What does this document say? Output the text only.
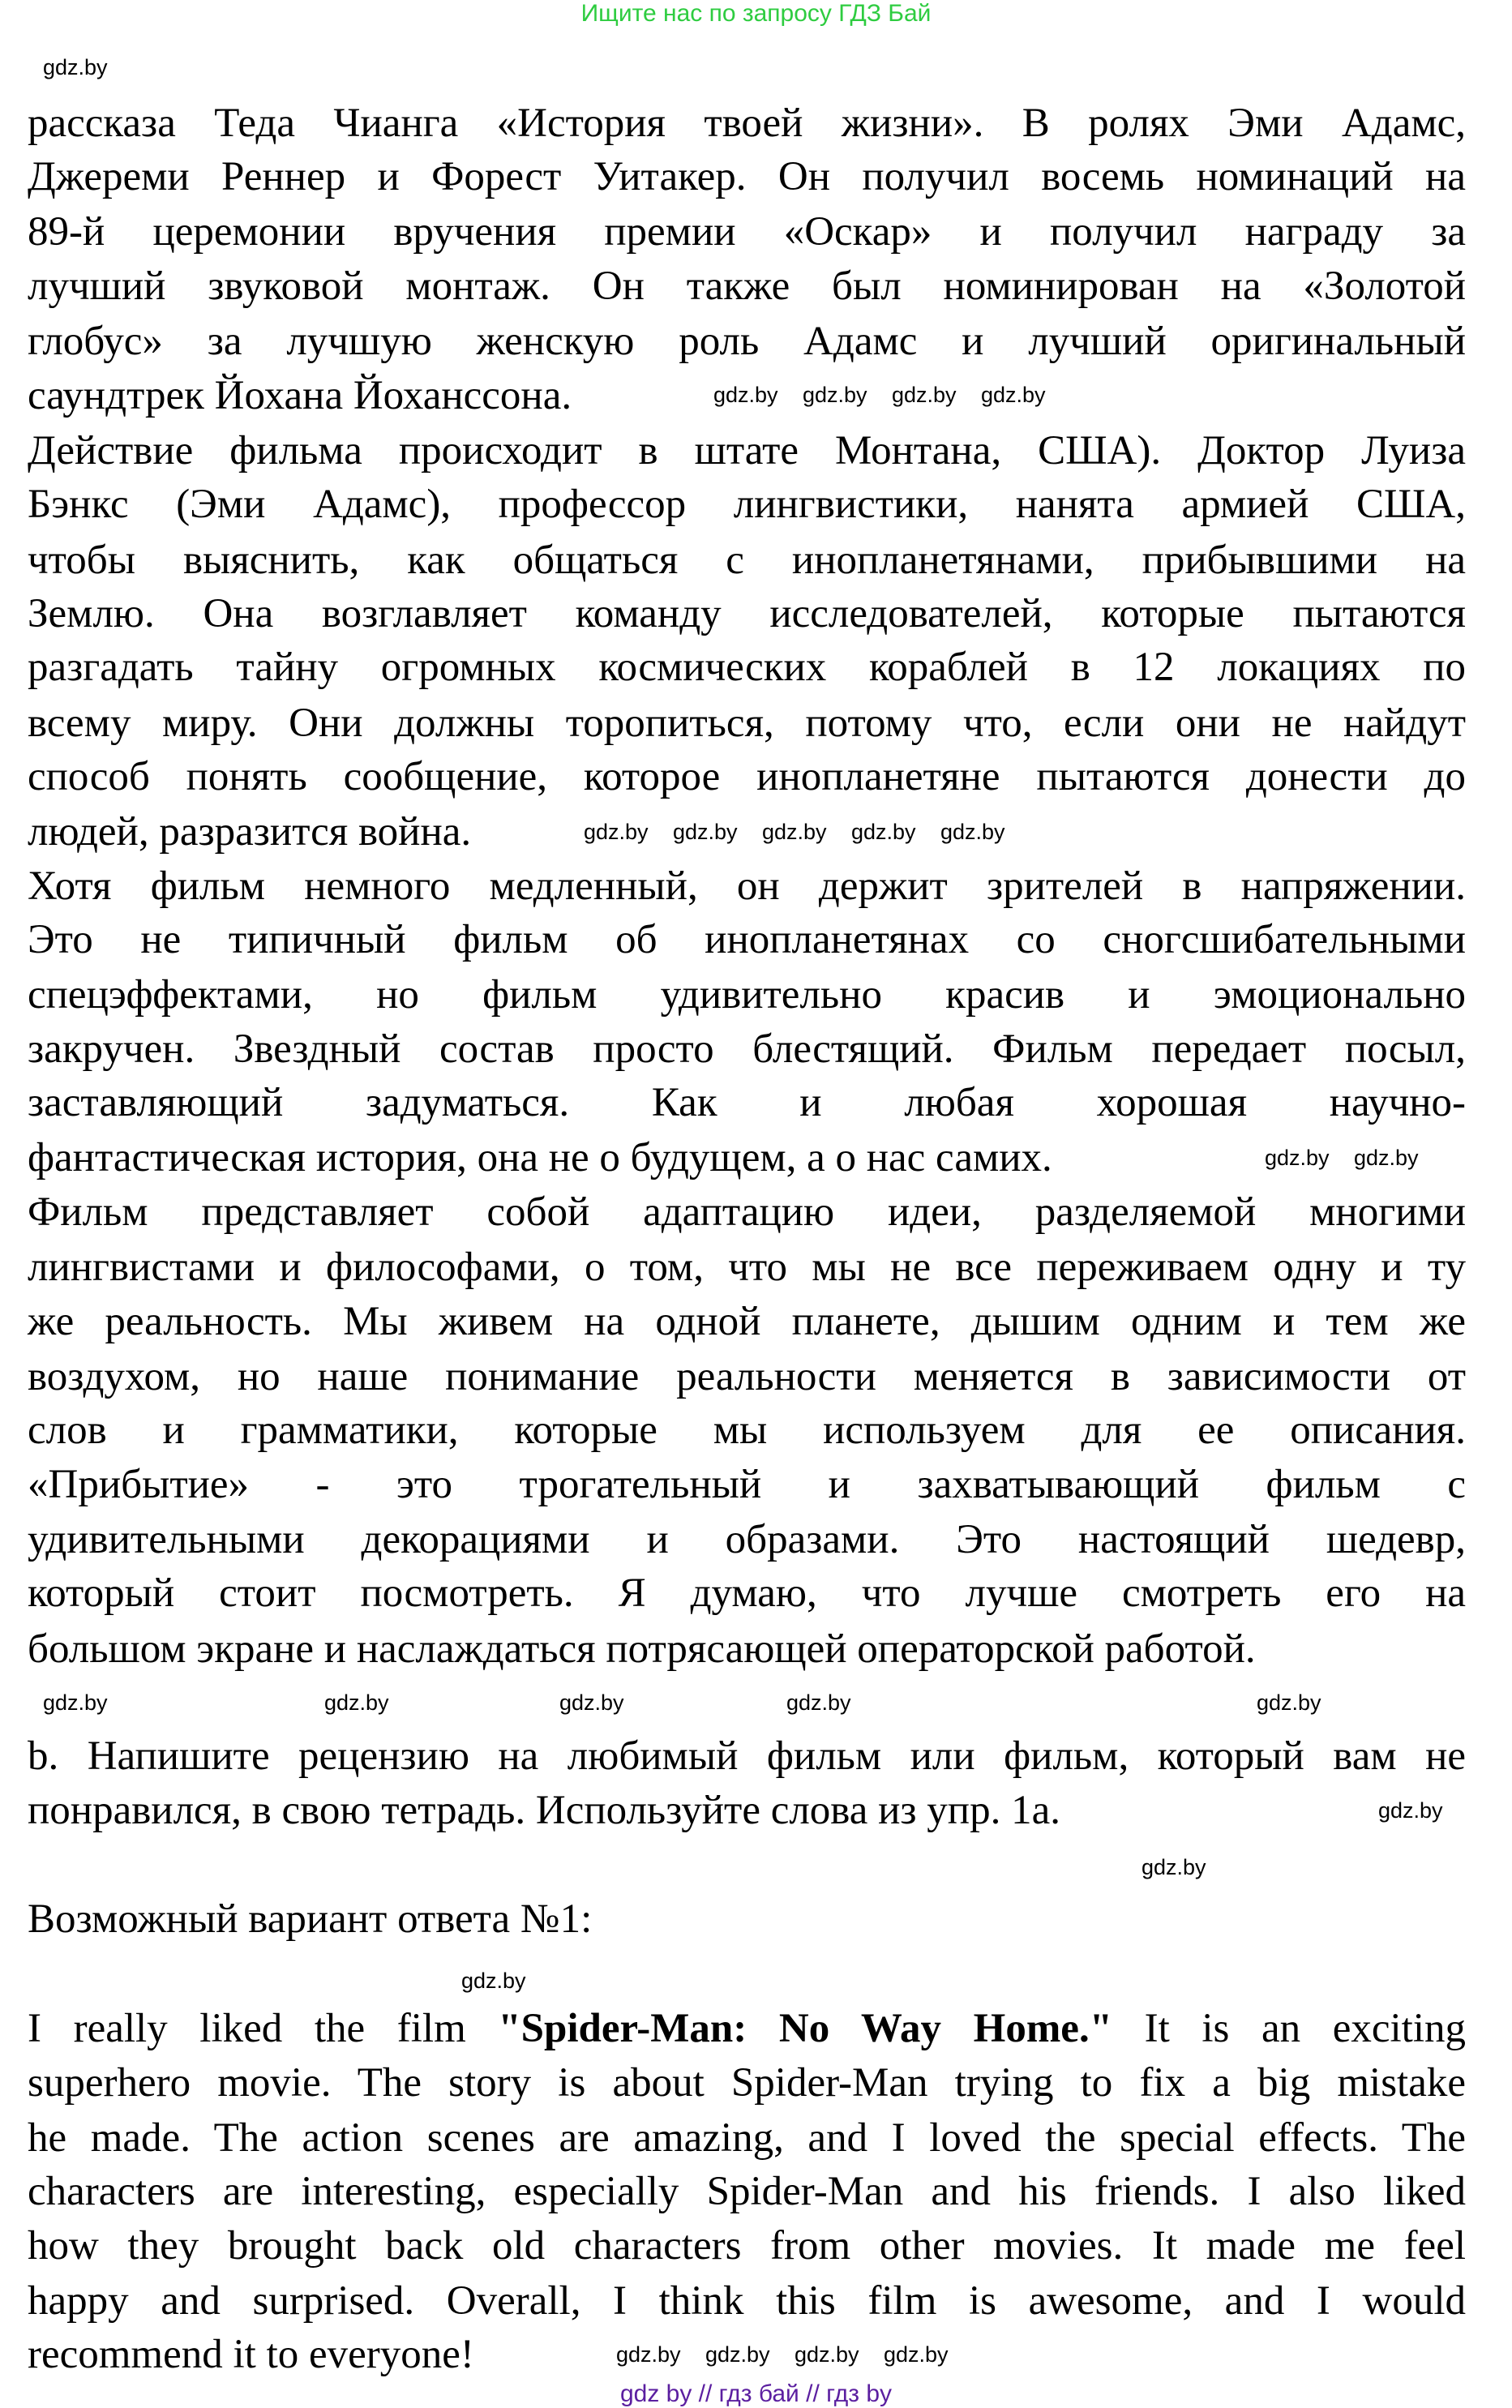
Ищите нас по запросу ГДЗ Бай
рассказа Теда Чианга «История твоей жизни». В ролях Эми Адамс,
Джереми Реннер и Форест Уитакер. Он получил восемь номинаций на
89-й церемонии вручения премии «Оскар» и получил награду за
лучший звуковой монтаж. Он также был номинирован на «Золотой
глобус» за лучшую женскую роль Адамс и лучший оригинальный
саундтрек Йохана Йоханссона.
Действие фильма происходит в штате Монтана, США). Доктор Луиза
Бэнкс (Эми Адамс), профессор лингвистики, нанята армией США,
чтобы выяснить, как общаться с инопланетянами, прибывшими на
Землю. Она возглавляет команду исследователей, которые пытаются
разгадать тайну огромных космических кораблей в 12 локациях по
всему миру. Они должны торопиться, потому что, если они не найдут
способ понять сообщение, которое инопланетяне пытаются донести до
людей, разразится война.
Хотя фильм немного медленный, он держит зрителей в напряжении.
Это не типичный фильм об инопланетянах со сногсшибательными
спецэффектами, но фильм удивительно красив и эмоционально
закручен. Звездный состав просто блестящий. Фильм передает посыл,
заставляющий задуматься. Как и любая хорошая научно-
фантастическая история, она не о будущем, а о нас самих.
Фильм представляет собой адаптацию идеи, разделяемой многими
лингвистами и философами, о том, что мы не все переживаем одну и ту
же реальность. Мы живем на одной планете, дышим одним и тем же
воздухом, но наше понимание реальности меняется в зависимости от
слов и грамматики, которые мы используем для ее описания.
«Прибытие» - это трогательный и захватывающий фильм с
удивительными декорациями и образами. Это настоящий шедевр,
который стоит посмотреть. Я думаю, что лучше смотреть его на
большом экране и наслаждаться потрясающей операторской работой.
b. Напишите рецензию на любимый фильм или фильм, который вам не
понравился, в свою тетрадь. Используйте слова из упр. 1а.
Возможный вариант ответа №1:
I really liked the film "Spider-Man: No Way Home." It is an exciting
superhero movie. The story is about Spider-Man trying to fix a big mistake
he made. The action scenes are amazing, and I loved the special effects. The
characters are interesting, especially Spider-Man and his friends. I also liked
how they brought back old characters from other movies. It made me feel
happy and surprised. Overall, I think this film is awesome, and I would
recommend it to everyone!
gdz.by
gdz.by gdz.by gdz.by gdz.by
gdz.by gdz.by gdz.by gdz.by gdz.by
gdz.by gdz.by
gdz.by	gdz.by	gdz.by	gdz.by	gdz.by
gdz.by
gdz.by
gdz.by
gdz.by gdz.by gdz.by gdz.by
gdz by // гдз бай // гдз by
